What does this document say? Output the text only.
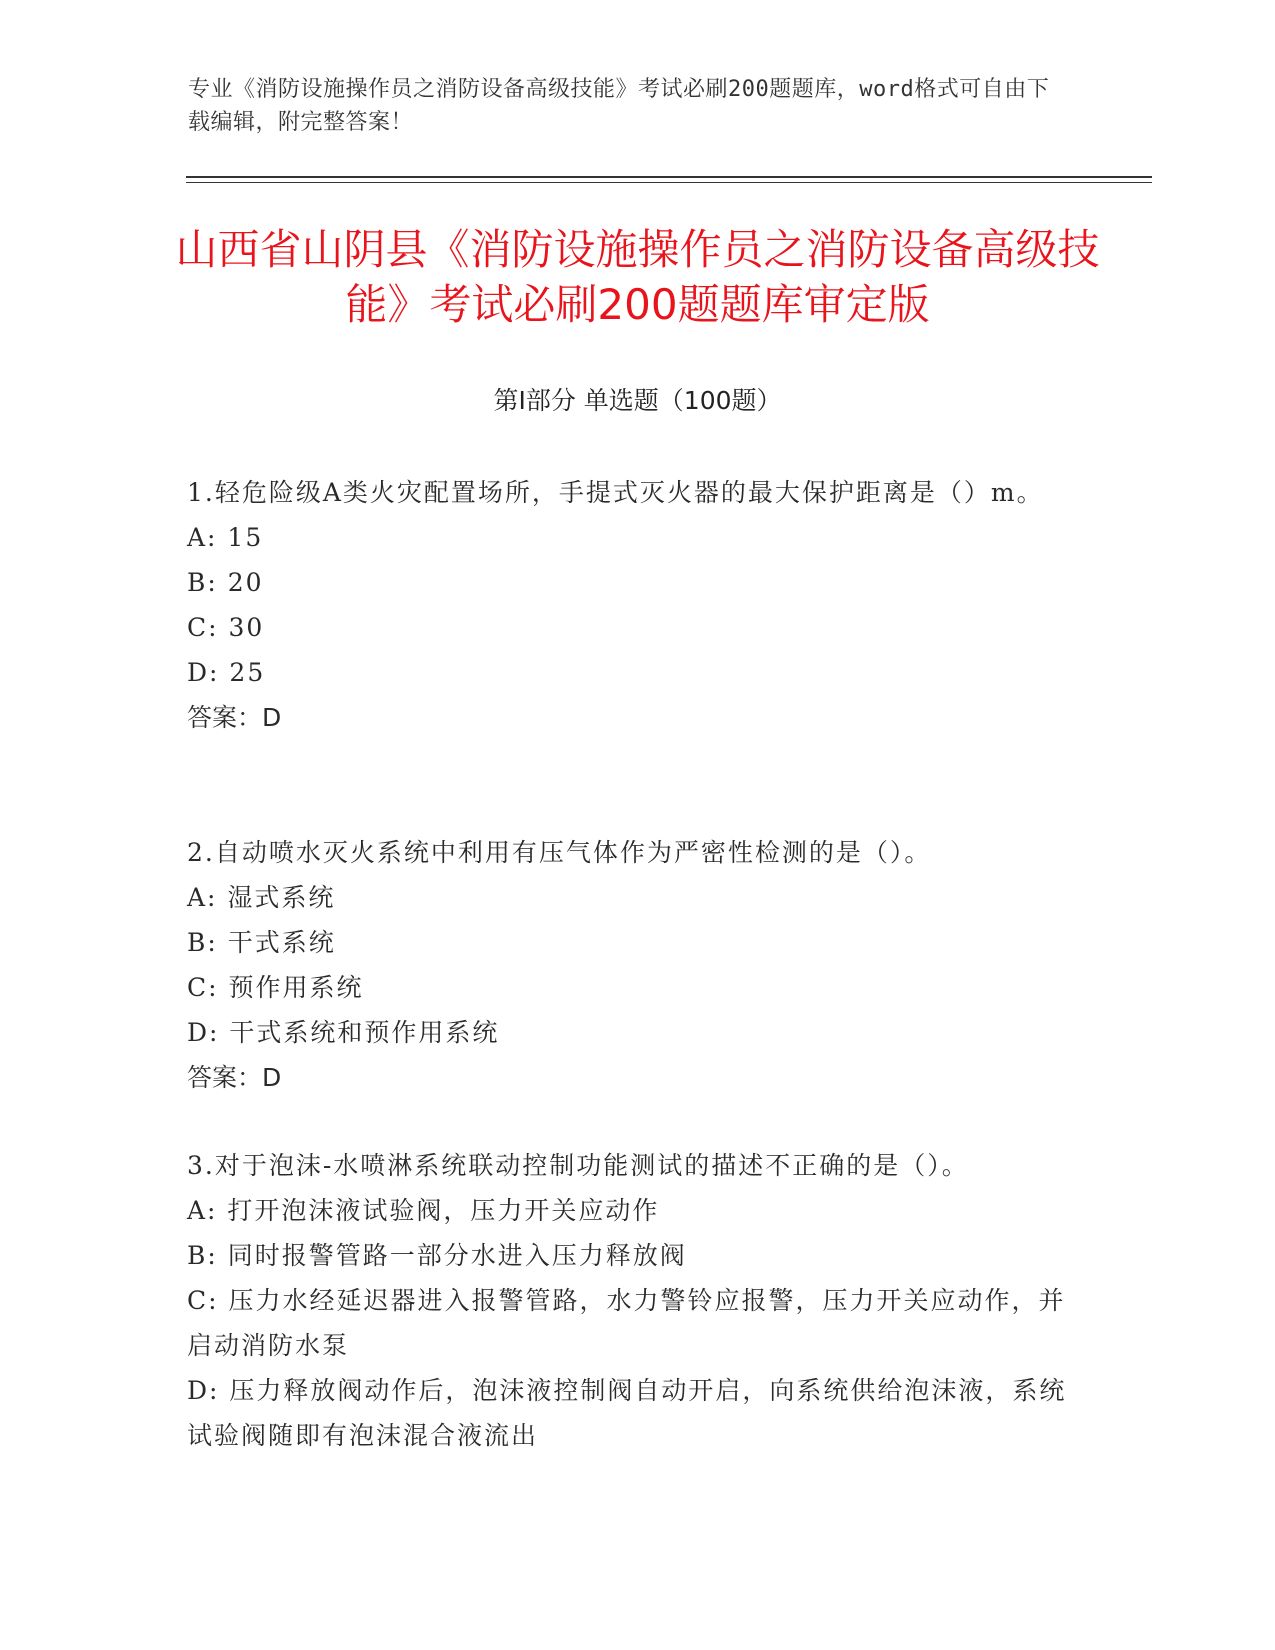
专业《消防设施操作员之消防设备高级技能》考试必刷200题题库，word格式可自由下载编辑，附完整答案！
山西省山阴县《消防设施操作员之消防设备高级技能》考试必刷200题题库审定版
第Ⅰ部分 单选题（100题）

1.轻危险级A类火灾配置场所，手提式灭火器的最大保护距离是（）m。

A: 15

B: 20

C: 30

D: 25

答案：D

2.自动喷水灭火系统中利用有压气体作为严密性检测的是（）。

A: 湿式系统

B: 干式系统

C: 预作用系统

D: 干式系统和预作用系统

答案：D

3.对于泡沫-水喷淋系统联动控制功能测试的描述不正确的是（）。

A: 打开泡沫液试验阀，压力开关应动作

B: 同时报警管路一部分水进入压力释放阀

C: 压力水经延迟器进入报警管路，水力警铃应报警，压力开关应动作，并启动消防水泵

D: 压力释放阀动作后，泡沫液控制阀自动开启，向系统供给泡沫液，系统试验阀随即有泡沫混合液流出
